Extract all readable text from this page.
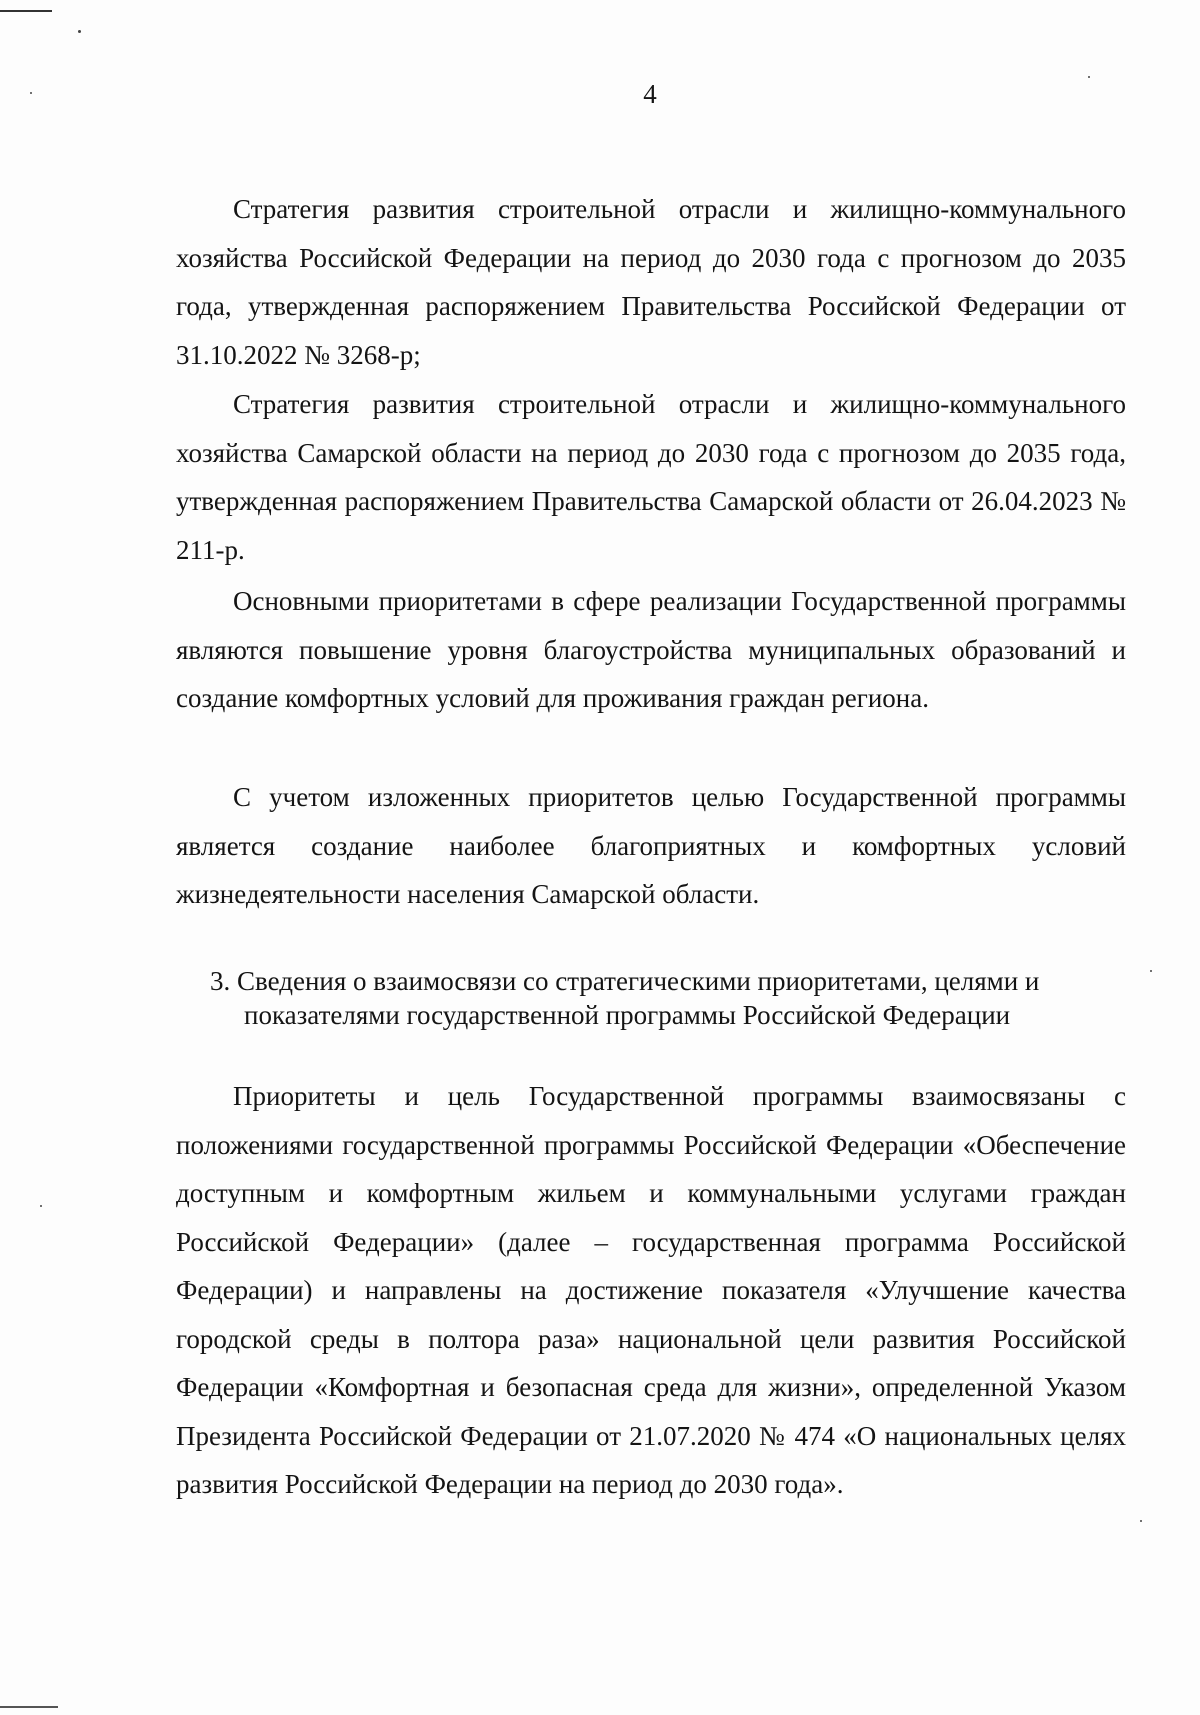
4

Стратегия развития строительной отрасли и жилищно-коммунального хозяйства Российской Федерации на период до 2030 года с прогнозом до 2035 года, утвержденная распоряжением Правительства Российской Федерации от 31.10.2022 № 3268-р;

Стратегия развития строительной отрасли и жилищно-коммунального хозяйства Самарской области на период до 2030 года с прогнозом до 2035 года, утвержденная распоряжением Правительства Самарской области от 26.04.2023 № 211-р.

Основными приоритетами в сфере реализации Государственной программы являются повышение уровня благоустройства муниципальных образований и создание комфортных условий для проживания граждан региона.

С учетом изложенных приоритетов целью Государственной программы является создание наиболее благоприятных и комфортных условий жизнедеятельности населения Самарской области.

3. Сведения о взаимосвязи со стратегическими приоритетами, целями и
показателями государственной программы Российской Федерации

Приоритеты и цель Государственной программы взаимосвязаны с положениями государственной программы Российской Федерации «Обеспечение доступным и комфортным жильем и коммунальными услугами граждан Российской Федерации» (далее – государственная программа Российской Федерации) и направлены на достижение показателя «Улучшение качества городской среды в полтора раза» национальной цели развития Российской Федерации «Комфортная и безопасная среда для жизни», определенной Указом Президента Российской Федерации от 21.07.2020 № 474 «О национальных целях развития Российской Федерации на период до 2030 года».
